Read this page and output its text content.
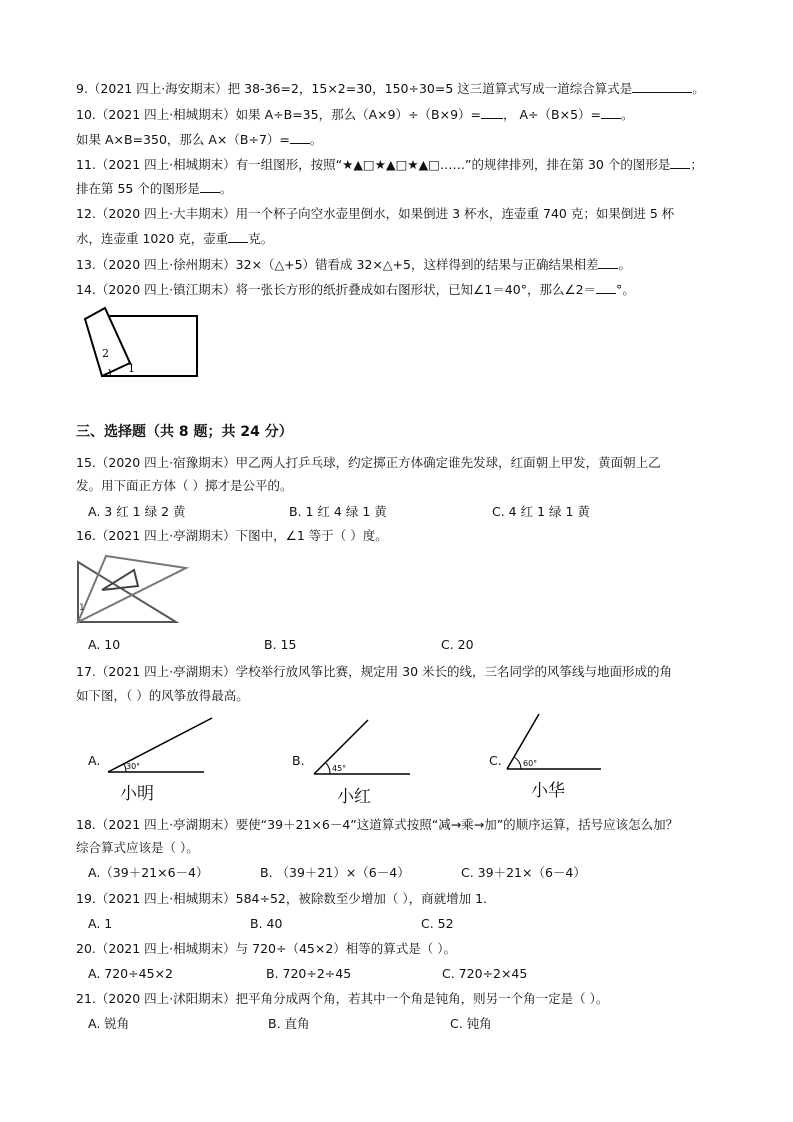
9.（2021 四上·海安期末）把 38-36=2，15×2=30，150÷30=5 这三道算式写成一道综合算式是	。
10.（2021 四上·相城期末）如果 A÷B=35，那么（A×9）÷（B×9）= ， A÷（B×5）= 。
如果 A×B=350，那么 A×（B÷7）= 。
11.（2021 四上·相城期末）有一组图形，按照“★▲□★▲□★▲□……”的规律排列，排在第 30 个的图形是 ；
排在第 55 个的图形是 。
12.（2020 四上·大丰期末）用一个杯子向空水壶里倒水，如果倒进 3 杯水，连壶重 740 克；如果倒进 5 杯
水，连壶重 1020 克，壶重 克。
13.（2020 四上·徐州期末）32×（△+5）错看成 32×△+5，这样得到的结果与正确结果相差 。
14.（2020 四上·镇江期末）将一张长方形的纸折叠成如右图形状，已知∠1＝40°，那么∠2＝ °。
1
2
三、选择题（共 8 题；共 24 分）
15.（2020 四上·宿豫期末）甲乙两人打乒乓球，约定掷正方体确定谁先发球，红面朝上甲发，黄面朝上乙
发。用下面正方体（ ）掷才是公平的。
A. 3 红 1 绿 2 黄	B. 1 红 4 绿 1 黄	C. 4 红 1 绿 1 黄
16.（2021 四上·亭湖期末）下图中，∠1 等于（ ）度。
1
A. 10	B. 15	C. 20
17.（2021 四上·亭湖期末）学校举行放风筝比赛，规定用 30 米长的线，三名同学的风筝线与地面形成的角
如下图，（ ）的风筝放得最高。
A.	30°
小明
B.
45°
小红
C.	60°
小华
18.（2021 四上·亭湖期末）要使“39＋21×6－4”这道算式按照“减→乘→加”的顺序运算，括号应该怎么加？
综合算式应该是（ ）。
A.（39＋21×6－4）	B. （39＋21）×（6－4）	C. 39＋21×（6－4）
19.（2021 四上·相城期末）584÷52，被除数至少增加（ ），商就增加 1.
A. 1	B. 40	C. 52
20.（2021 四上·相城期末）与 720÷（45×2）相等的算式是（ ）。
A. 720÷45×2	B. 720÷2÷45	C. 720÷2×45
21.（2020 四上·沭阳期末）把平角分成两个角，若其中一个角是钝角，则另一个角一定是（ ）。
A. 锐角	B. 直角	C. 钝角
